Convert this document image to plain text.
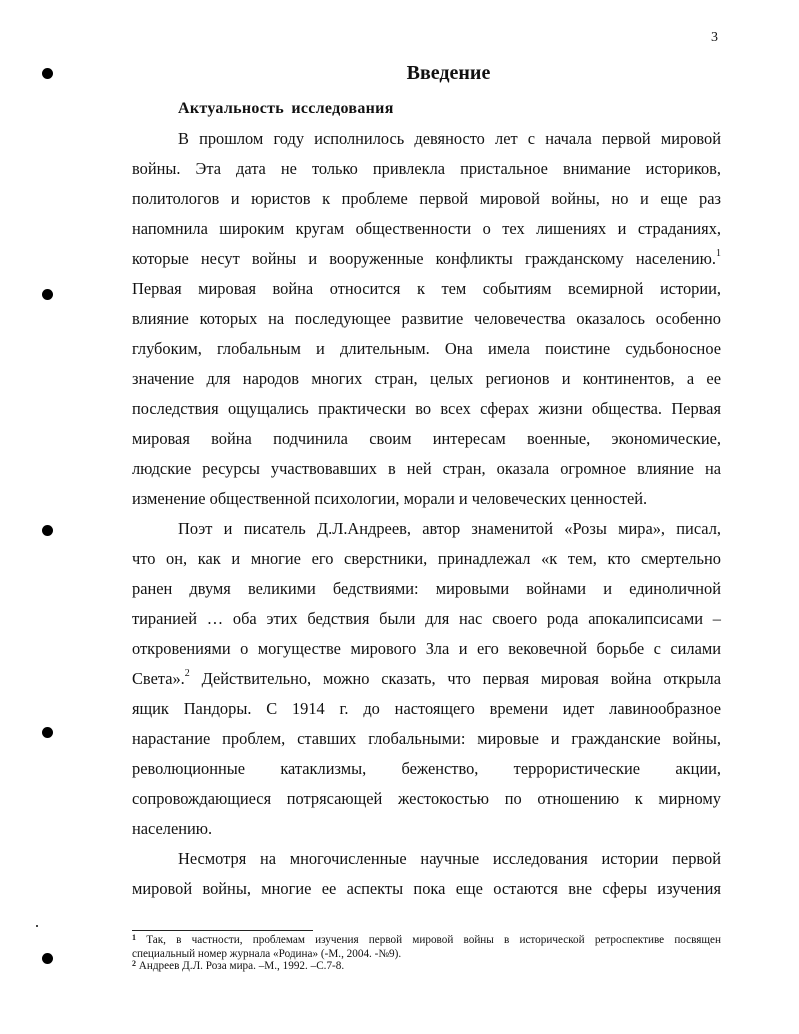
3
Введение
Актуальность исследования
В прошлом году исполнилось девяносто лет с начала первой мировой
войны. Эта дата не только привлекла пристальное внимание историков,
политологов и юристов к проблеме первой мировой войны, но и еще раз
напомнила широким кругам общественности о тех лишениях и страданиях,
которые несут войны и вооруженные конфликты гражданскому населению.$^1$
Первая мировая война относится к тем событиям всемирной истории,
влияние которых на последующее развитие человечества оказалось особенно
глубоким, глобальным и длительным. Она имела поистине судьбоносное
значение для народов многих стран, целых регионов и континентов, а ее
последствия ощущались практически во всех сферах жизни общества. Первая
мировая война подчинила своим интересам военные, экономические,
людские ресурсы участвовавших в ней стран, оказала огромное влияние на
изменение общественной психологии, морали и человеческих ценностей.
Поэт и писатель Д.Л.Андреев, автор знаменитой «Розы мира», писал,
что он, как и многие его сверстники, принадлежал «к тем, кто смертельно
ранен двумя великими бедствиями: мировыми войнами и единоличной
тиранией … оба этих бедствия были для нас своего рода апокалипсисами –
откровениями о могуществе мирового Зла и его вековечной борьбе с силами
Света».$^2$ Действительно, можно сказать, что первая мировая война открыла
ящик Пандоры. С 1914 г. до настоящего времени идет лавинообразное
нарастание проблем, ставших глобальными: мировые и гражданские войны,
революционные катаклизмы, беженство, террористические акции,
сопровождающиеся потрясающей жестокостью по отношению к мирному
населению.
Несмотря на многочисленные научные исследования истории первой
мировой войны, многие ее аспекты пока еще остаются вне сферы изучения
$^1$ Так, в частности, проблемам изучения первой мировой войны в исторической ретроспективе посвящен
специальный номер журнала «Родина» (-М., 2004. -№9).
$^2$ Андреев Д.Л. Роза мира. –М., 1992. –С.7-8.
